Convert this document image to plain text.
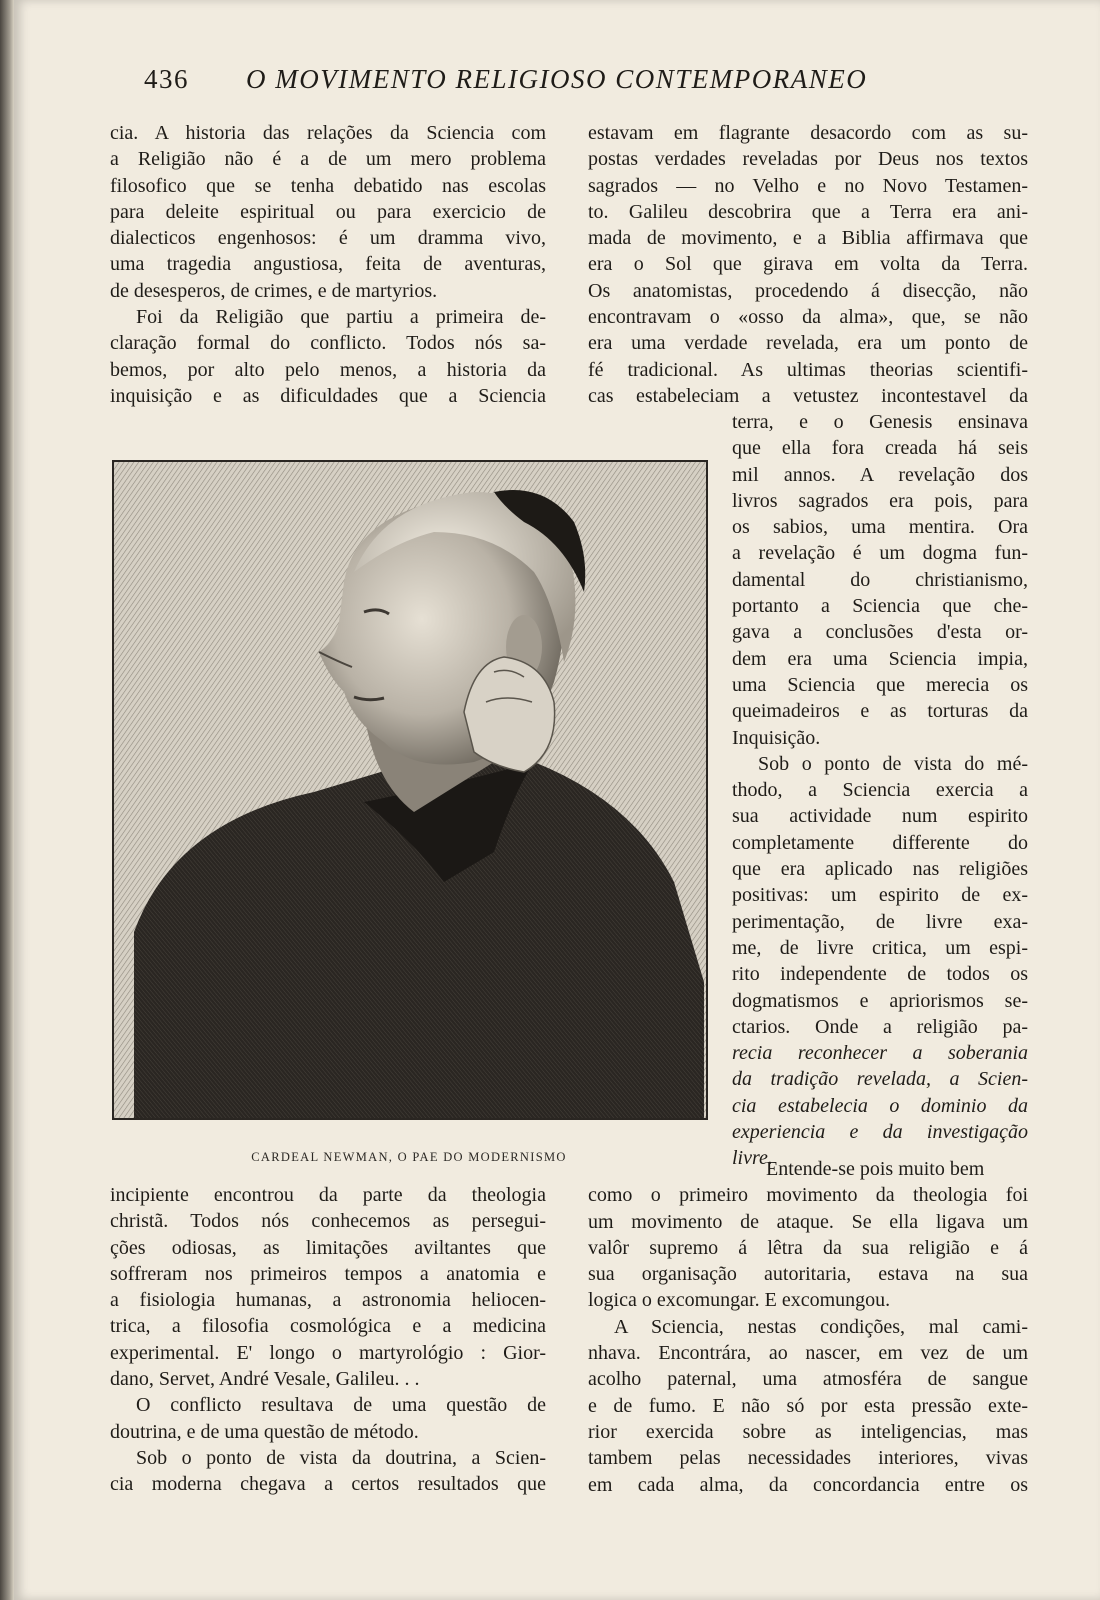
436 O MOVIMENTO RELIGIOSO CONTEMPORANEO

cia. A historia das relações da Sciencia com

a Religião não é a de um mero problema

filosofico que se tenha debatido nas escolas

para deleite espiritual ou para exercicio de

dialecticos engenhosos: é um dramma vivo,

uma tragedia angustiosa, feita de aventuras,

de desesperos, de crimes, e de martyrios.

Foi da Religião que partiu a primeira de-

claração formal do conflicto. Todos nós sa-

bemos, por alto pelo menos, a historia da

inquisição e as dificuldades que a Sciencia

CARDEAL NEWMAN, O PAE DO MODERNISMO

incipiente encontrou da parte da theologia

christã. Todos nós conhecemos as persegui-

ções odiosas, as limitações aviltantes que

soffreram nos primeiros tempos a anatomia e

a fisiologia humanas, a astronomia heliocen-

trica, a filosofia cosmológica e a medicina

experimental. E' longo o martyrológio : Gior-

dano, Servet, André Vesale, Galileu. . .

O conflicto resultava de uma questão de

doutrina, e de uma questão de método.

Sob o ponto de vista da doutrina, a Scien-

cia moderna chegava a certos resultados que

estavam em flagrante desacordo com as su-

postas verdades reveladas por Deus nos textos

sagrados — no Velho e no Novo Testamen-

to. Galileu descobrira que a Terra era ani-

mada de movimento, e a Biblia affirmava que

era o Sol que girava em volta da Terra.

Os anatomistas, procedendo á disecção, não

encontravam o «osso da alma», que, se não

era uma verdade revelada, era um ponto de

fé tradicional. As ultimas theorias scientifi-

cas estabeleciam a vetustez incontestavel da

terra, e o Genesis ensinava

que ella fora creada há seis

mil annos. A revelação dos

livros sagrados era pois, para

os sabios, uma mentira. Ora

a revelação é um dogma fun-

damental do christianismo,

portanto a Sciencia que che-

gava a conclusões d'esta or-

dem era uma Sciencia impia,

uma Sciencia que merecia os

queimadeiros e as torturas da

Inquisição.

Sob o ponto de vista do mé-

thodo, a Sciencia exercia a

sua actividade num espirito

completamente differente do

que era aplicado nas religiões

positivas: um espirito de ex-

perimentação, de livre exa-

me, de livre critica, um espi-

rito independente de todos os

dogmatismos e apriorismos se-

ctarios. Onde a religião pa-

recia reconhecer a soberania

da tradição revelada, a Scien-

cia estabelecia o dominio da

experiencia e da investigação

livre.

Entende-se pois muito bem

como o primeiro movimento da theologia foi

um movimento de ataque. Se ella ligava um

valôr supremo á lêtra da sua religião e á

sua organisação autoritaria, estava na sua

logica o excomungar. E excomungou.

A Sciencia, nestas condições, mal cami-

nhava. Encontrára, ao nascer, em vez de um

acolho paternal, uma atmosféra de sangue

e de fumo. E não só por esta pressão exte-

rior exercida sobre as inteligencias, mas

tambem pelas necessidades interiores, vivas

em cada alma, da concordancia entre os
